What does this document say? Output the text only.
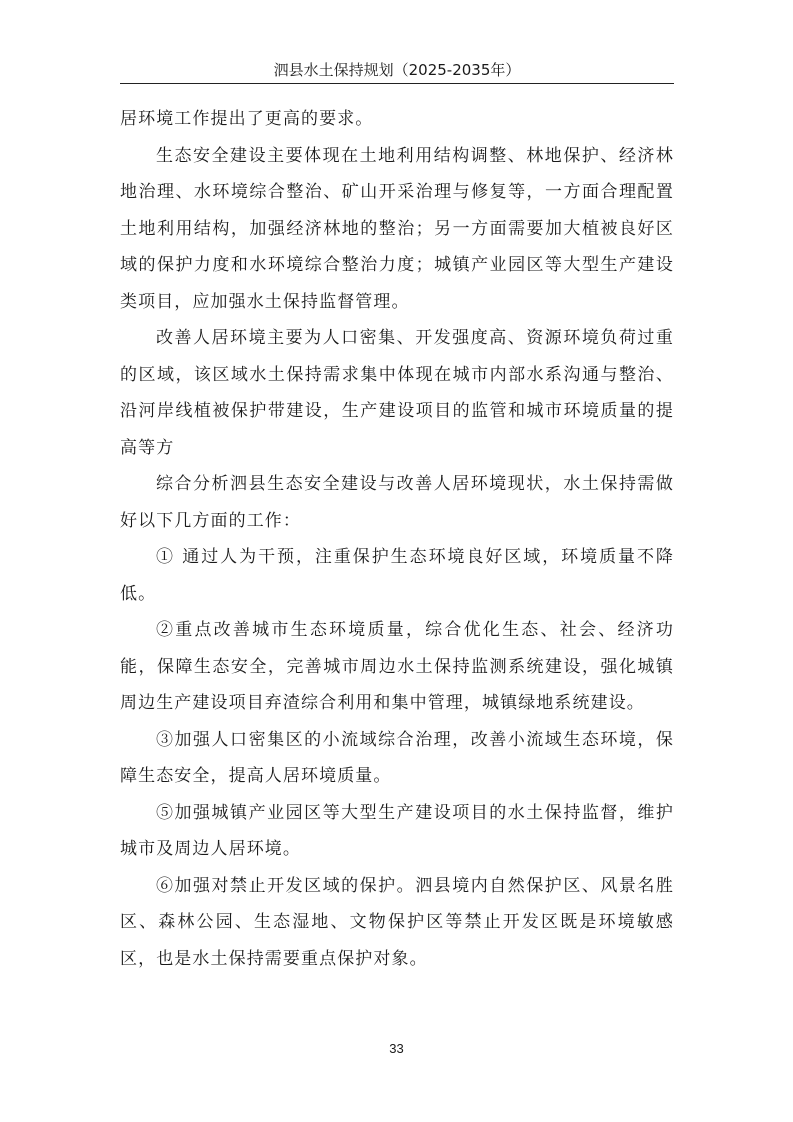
泗县水土保持规划（2025-2035年）

居环境工作提出了更高的要求。

生态安全建设主要体现在土地利用结构调整、林地保护、经济林地治理、水环境综合整治、矿山开采治理与修复等，一方面合理配置土地利用结构，加强经济林地的整治；另一方面需要加大植被良好区域的保护力度和水环境综合整治力度；城镇产业园区等大型生产建设类项目，应加强水土保持监督管理。

改善人居环境主要为人口密集、开发强度高、资源环境负荷过重的区域，该区域水土保持需求集中体现在城市内部水系沟通与整治、沿河岸线植被保护带建设，生产建设项目的监管和城市环境质量的提高等方

综合分析泗县生态安全建设与改善人居环境现状，水土保持需做好以下几方面的工作：

① 通过人为干预，注重保护生态环境良好区域，环境质量不降低。

②重点改善城市生态环境质量，综合优化生态、社会、经济功能，保障生态安全，完善城市周边水土保持监测系统建设，强化城镇周边生产建设项目弃渣综合利用和集中管理，城镇绿地系统建设。

③加强人口密集区的小流域综合治理，改善小流域生态环境，保障生态安全，提高人居环境质量。

⑤加强城镇产业园区等大型生产建设项目的水土保持监督，维护城市及周边人居环境。

⑥加强对禁止开发区域的保护。泗县境内自然保护区、风景名胜区、森林公园、生态湿地、文物保护区等禁止开发区既是环境敏感区，也是水土保持需要重点保护对象。

33
